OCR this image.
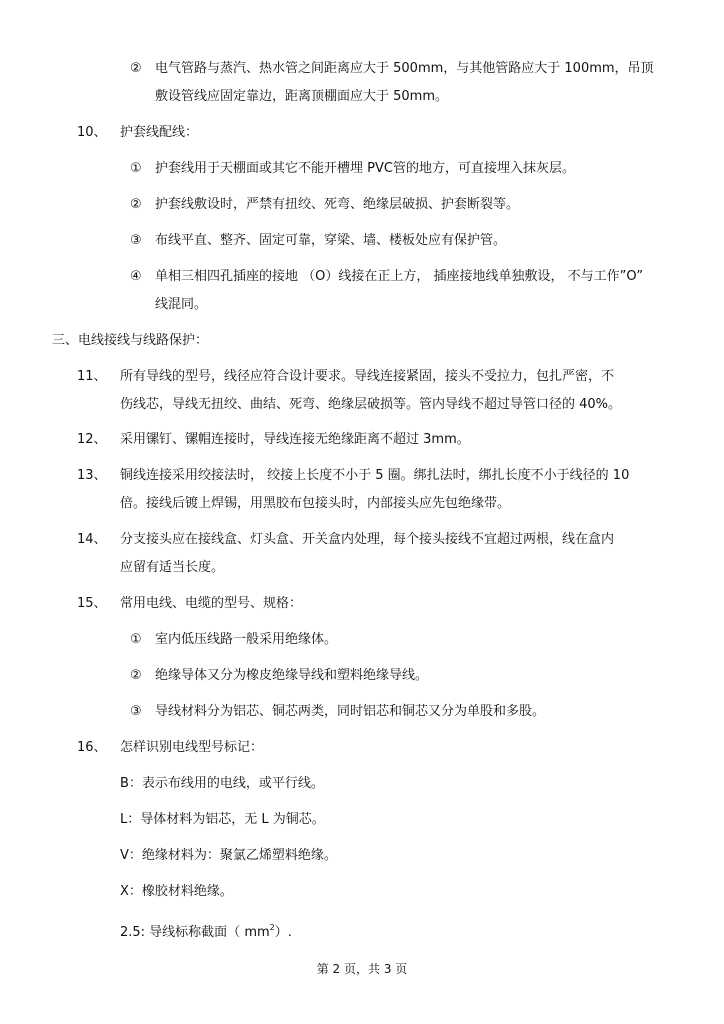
② 电气管路与蒸汽、热水管之间距离应大于 500mm，与其他管路应大于 100mm，吊顶
敷设管线应固定靠边，距离顶棚面应大于 50mm。
10、 护套线配线：
① 护套线用于天棚面或其它不能开槽埋 PVC管的地方，可直接埋入抹灰层。
② 护套线敷设时，严禁有扭绞、死弯、绝缘层破损、护套断裂等。
③ 布线平直、整齐、固定可靠，穿梁、墙、楼板处应有保护管。
④ 单相三相四孔插座的接地 （O）线接在正上方， 插座接地线单独敷设， 不与工作”O”
线混同。
三、电线接线与线路保护：
11、 所有导线的型号，线径应符合设计要求。导线连接紧固，接头不受拉力，包扎严密，不
伤线芯，导线无扭绞、曲结、死弯、绝缘层破损等。管内导线不超过导管口径的 40%。
12、 采用镙钉、镙帽连接时，导线连接无绝缘距离不超过 3mm。
13、 铜线连接采用绞接法时， 绞接上长度不小于 5 圈。绑扎法时，绑扎长度不小于线径的 10
倍。接线后镀上焊锡，用黑胶布包接头时，内部接头应先包绝缘带。
14、 分支接头应在接线盒、灯头盒、开关盒内处理，每个接头接线不宜超过两根，线在盒内
应留有适当长度。
15、 常用电线、电缆的型号、规格：
① 室内低压线路一般采用绝缘体。
② 绝缘导体又分为橡皮绝缘导线和塑料绝缘导线。
③ 导线材料分为铝芯、铜芯两类，同时铝芯和铜芯又分为单股和多股。
16、 怎样识别电线型号标记：
B：表示布线用的电线，或平行线。
L：导体材料为铝芯，无 L 为铜芯。
V：绝缘材料为：聚氯乙烯塑料绝缘。
X：橡胶材料绝缘。
2.5: 导线标称截面（ $mm^2$）.
第 2 页，共 3 页
